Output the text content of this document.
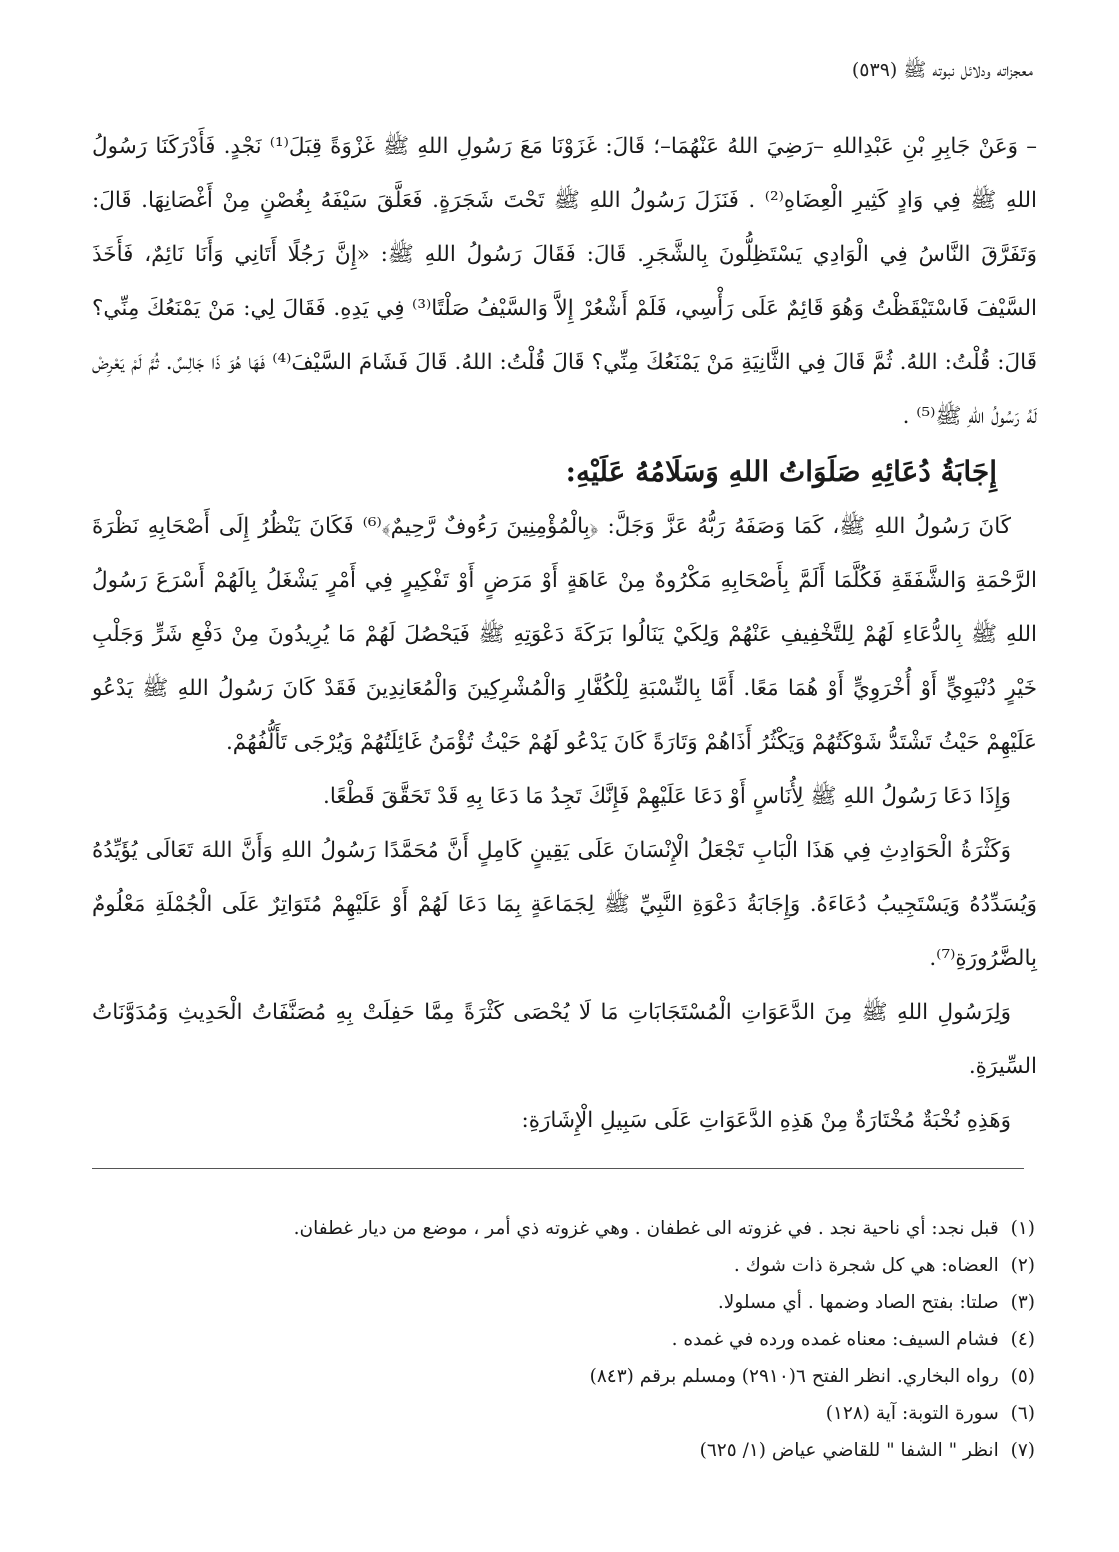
معجزاته ودلائل نبوته ﷺ (٥٣٩)

– وَعَنْ جَابِرِ بْنِ عَبْدِاللهِ –رَضِيَ اللهُ عَنْهُمَا–؛ قَالَ: غَزَوْنَا مَعَ رَسُولِ اللهِ ﷺ غَزْوَةً قِبَلَ⁽¹⁾ نَجْدٍ. فَأَدْرَكَنَا رَسُولُ اللهِ ﷺ فِي وَادٍ كَثِيرِ الْعِضَاهِ⁽²⁾ . فَنَزَلَ رَسُولُ اللهِ ﷺ تَحْتَ شَجَرَةٍ. فَعَلَّقَ سَيْفَهُ بِغُصْنٍ مِنْ أَغْصَانِهَا. قَالَ: وَتَفَرَّقَ النَّاسُ فِي الْوَادِي يَسْتَظِلُّونَ بِالشَّجَرِ. قَالَ: فَقَالَ رَسُولُ اللهِ ﷺ: «إِنَّ رَجُلًا أَتَانِي وَأَنَا نَائِمٌ، فَأَخَذَ السَّيْفَ فَاسْتَيْقَظْتُ وَهُوَ قَائِمٌ عَلَى رَأْسِي، فَلَمْ أَشْعُرْ إِلاَّ وَالسَّيْفُ صَلْتًا⁽³⁾ فِي يَدِهِ. فَقَالَ لِي: مَنْ يَمْنَعُكَ مِنِّي؟ قَالَ: قُلْتُ: اللهُ. ثُمَّ قَالَ فِي الثَّانِيَةِ مَنْ يَمْنَعُكَ مِنِّي؟ قَالَ قُلْتُ: اللهُ. قَالَ فَشَامَ السَّيْفَ⁽⁴⁾ فَهَا هُوَ ذَا جَالِسٌ. ثُمَّ لَمْ يَعْرِضْ لَهُ رَسُولُ اللهِ ﷺ⁽⁵⁾ .

إِجَابَةُ دُعَائِهِ صَلَوَاتُ اللهِ وَسَلَامُهُ عَلَيْهِ:

كَانَ رَسُولُ اللهِ ﷺ، كَمَا وَصَفَهُ رَبُّهُ عَزَّ وَجَلَّ: ﴿بِالْمُؤْمِنِينَ رَءُوفٌ رَّحِيمٌ﴾⁽⁶⁾ فَكَانَ يَنْظُرُ إِلَى أَصْحَابِهِ نَظْرَةَ الرَّحْمَةِ وَالشَّفَقَةِ فَكُلَّمَا أَلَمَّ بِأَصْحَابِهِ مَكْرُوهٌ مِنْ عَاهَةٍ أَوْ مَرَضٍ أَوْ تَفْكِيرٍ فِي أَمْرٍ يَشْغَلُ بِالَهُمْ أَسْرَعَ رَسُولُ اللهِ ﷺ بِالدُّعَاءِ لَهُمْ لِلتَّخْفِيفِ عَنْهُمْ وَلِكَيْ يَنَالُوا بَرَكَةَ دَعْوَتِهِ ﷺ فَيَحْصُلَ لَهُمْ مَا يُرِيدُونَ مِنْ دَفْعِ شَرٍّ وَجَلْبِ خَيْرٍ دُنْيَوِيٍّ أَوْ أُخْرَوِيٍّ أَوْ هُمَا مَعًا. أَمَّا بِالنِّسْبَةِ لِلْكُفَّارِ وَالْمُشْرِكِينَ وَالْمُعَانِدِينَ فَقَدْ كَانَ رَسُولُ اللهِ ﷺ يَدْعُو عَلَيْهِمْ حَيْثُ تَشْتَدُّ شَوْكَتُهُمْ وَيَكْثُرُ أَذَاهُمْ وَتَارَةً كَانَ يَدْعُو لَهُمْ حَيْثُ تُؤْمَنُ غَائِلَتُهُمْ وَيُرْجَى تَأَلُّفُهُمْ.

وَإِذَا دَعَا رَسُولُ اللهِ ﷺ لِأُنَاسٍ أَوْ دَعَا عَلَيْهِمْ فَإِنَّكَ تَجِدُ مَا دَعَا بِهِ قَدْ تَحَقَّقَ قَطْعًا.

وَكَثْرَةُ الْحَوَادِثِ فِي هَذَا الْبَابِ تَجْعَلُ الْإِنْسَانَ عَلَى يَقِينٍ كَامِلٍ أَنَّ مُحَمَّدًا رَسُولُ اللهِ وَأَنَّ اللهَ تَعَالَى يُؤَيِّدُهُ وَيُسَدِّدُهُ وَيَسْتَجِيبُ دُعَاءَهُ. وَإِجَابَةُ دَعْوَةِ النَّبِيِّ ﷺ لِجَمَاعَةٍ بِمَا دَعَا لَهُمْ أَوْ عَلَيْهِمْ مُتَوَاتِرٌ عَلَى الْجُمْلَةِ مَعْلُومٌ بِالضَّرُورَةِ⁽⁷⁾.

وَلِرَسُولِ اللهِ ﷺ مِنَ الدَّعَوَاتِ الْمُسْتَجَابَاتِ مَا لَا يُحْصَى كَثْرَةً مِمَّا حَفِلَتْ بِهِ مُصَنَّفَاتُ الْحَدِيثِ وَمُدَوَّنَاتُ السِّيرَةِ.

وَهَذِهِ نُخْبَةٌ مُخْتَارَةٌ مِنْ هَذِهِ الدَّعَوَاتِ عَلَى سَبِيلِ الْإِشَارَةِ:

(١) قبل نجد: أي ناحية نجد . في غزوته الى غطفان . وهي غزوته ذي أمر ، موضع من ديار غطفان.

(٢) العضاه: هي كل شجرة ذات شوك .

(٣) صلتا: بفتح الصاد وضمها . أي مسلولا.

(٤) فشام السيف: معناه غمده ورده في غمده .

(٥) رواه البخاري. انظر الفتح ٦(٢٩١٠) ومسلم برقم (٨٤٣)

(٦) سورة التوبة: آية (١٢٨)

(٧) انظر " الشفا " للقاضي عياض (١/ ٦٢٥)
